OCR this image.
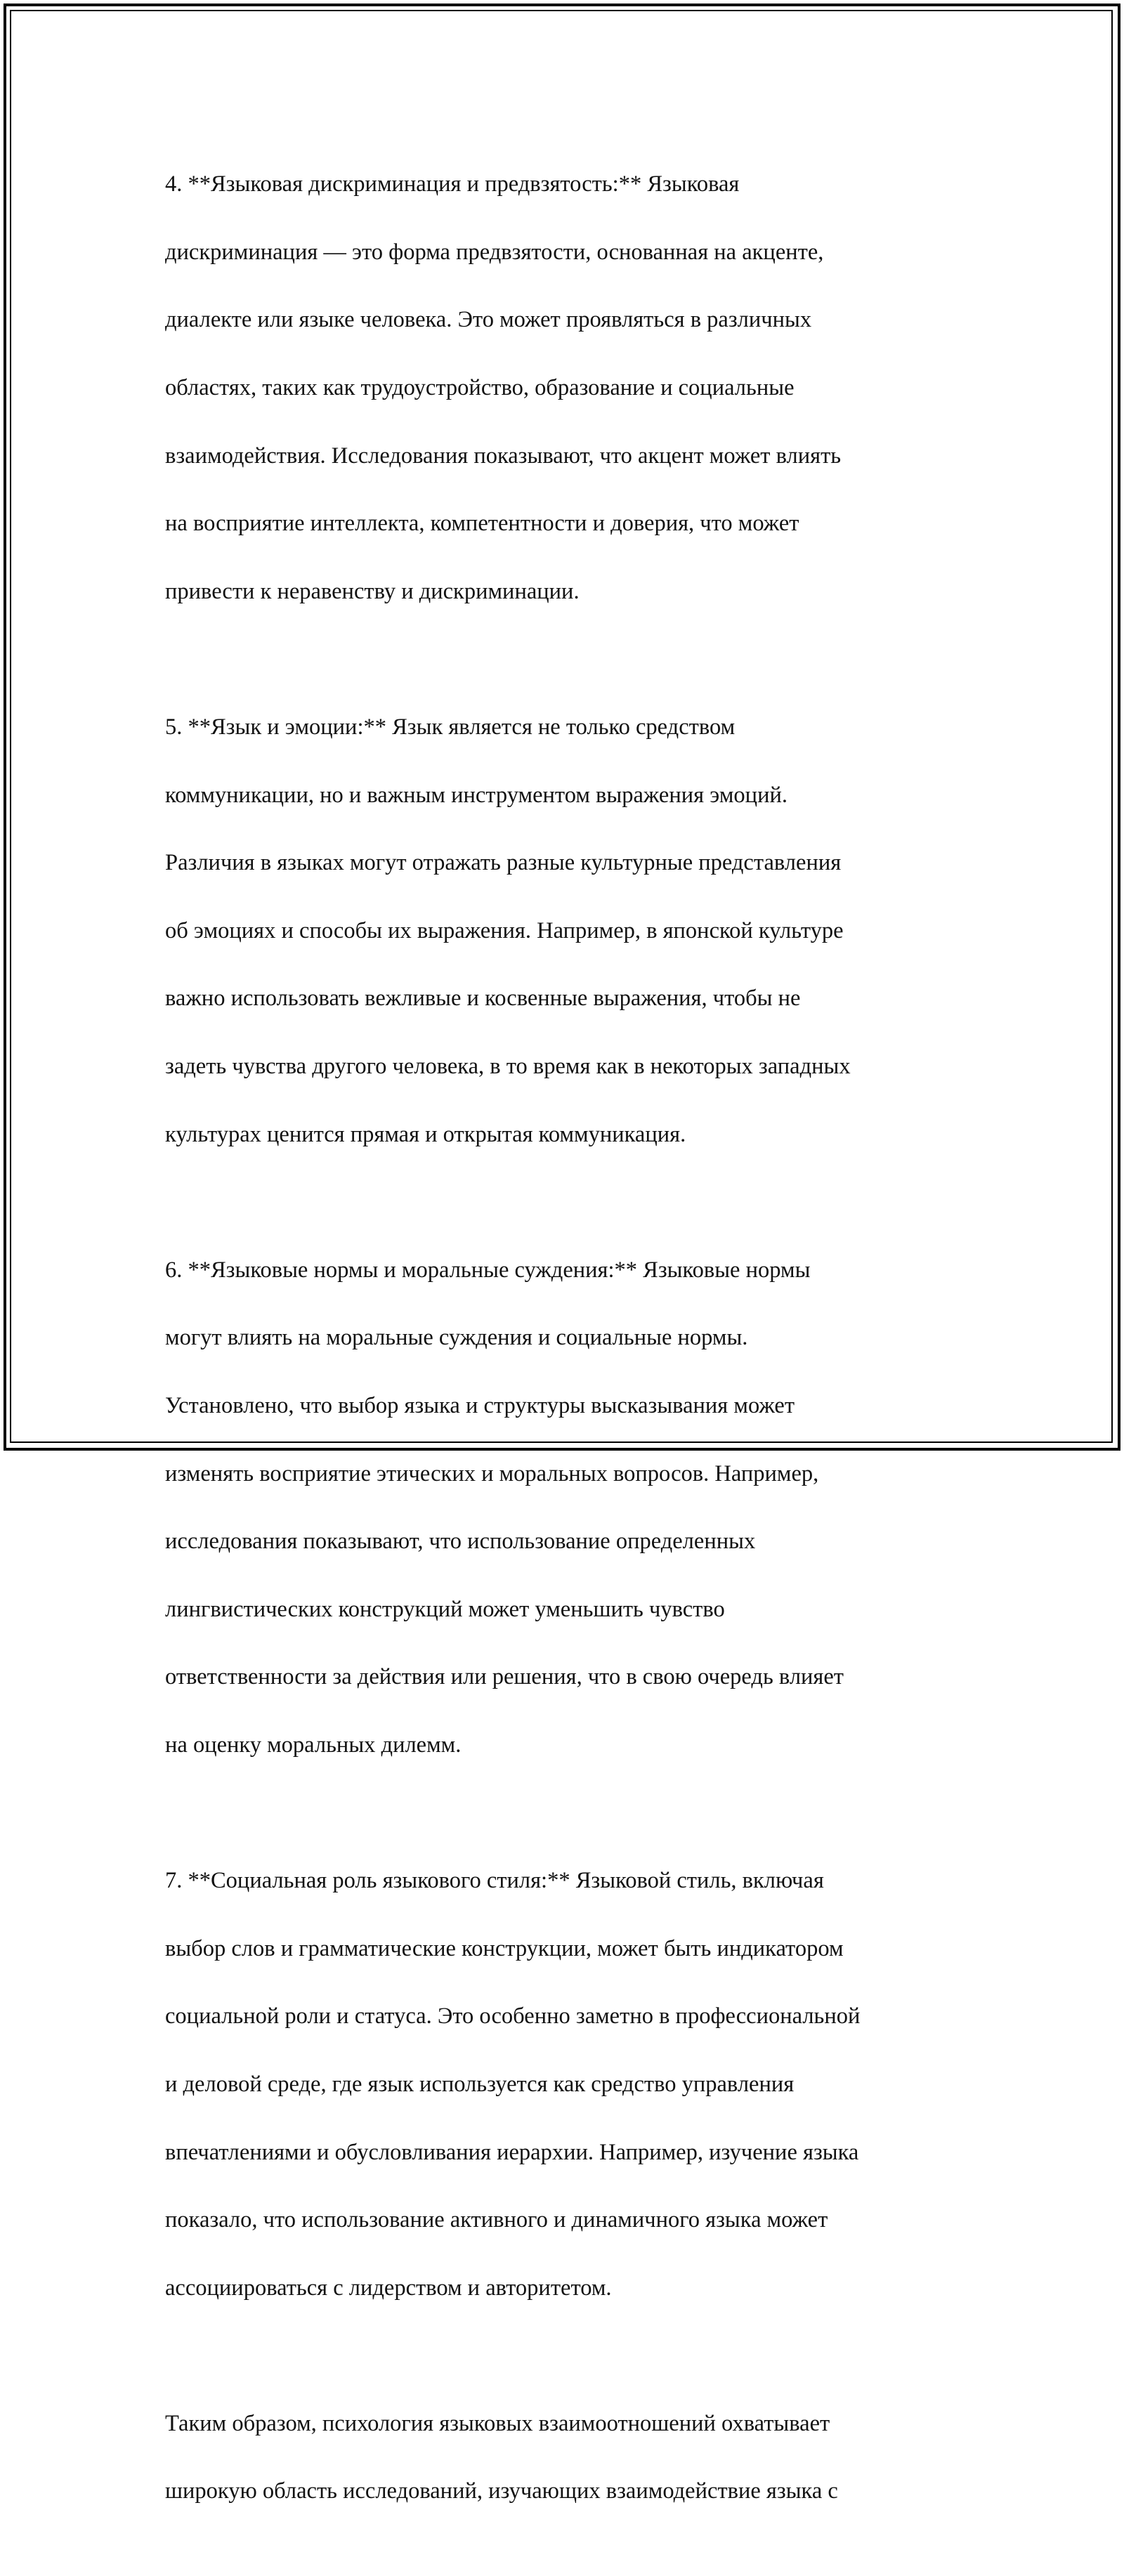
4. **Языковая дискриминация и предвзятость:** Языковая

дискриминация — это форма предвзятости, основанная на акценте,

диалекте или языке человека. Это может проявляться в различных

областях, таких как трудоустройство, образование и социальные

взаимодействия. Исследования показывают, что акцент может влиять

на восприятие интеллекта, компетентности и доверия, что может

привести к неравенству и дискриминации.

5. **Язык и эмоции:** Язык является не только средством

коммуникации, но и важным инструментом выражения эмоций.

Различия в языках могут отражать разные культурные представления

об эмоциях и способы их выражения. Например, в японской культуре

важно использовать вежливые и косвенные выражения, чтобы не

задеть чувства другого человека, в то время как в некоторых западных

культурах ценится прямая и открытая коммуникация.

6. **Языковые нормы и моральные суждения:** Языковые нормы

могут влиять на моральные суждения и социальные нормы.

Установлено, что выбор языка и структуры высказывания может

изменять восприятие этических и моральных вопросов. Например,

исследования показывают, что использование определенных

лингвистических конструкций может уменьшить чувство

ответственности за действия или решения, что в свою очередь влияет

на оценку моральных дилемм.

7. **Социальная роль языкового стиля:** Языковой стиль, включая

выбор слов и грамматические конструкции, может быть индикатором

социальной роли и статуса. Это особенно заметно в профессиональной

и деловой среде, где язык используется как средство управления

впечатлениями и обусловливания иерархии. Например, изучение языка

показало, что использование активного и динамичного языка может

ассоциироваться с лидерством и авторитетом.

Таким образом, психология языковых взаимоотношений охватывает

широкую область исследований, изучающих взаимодействие языка с
